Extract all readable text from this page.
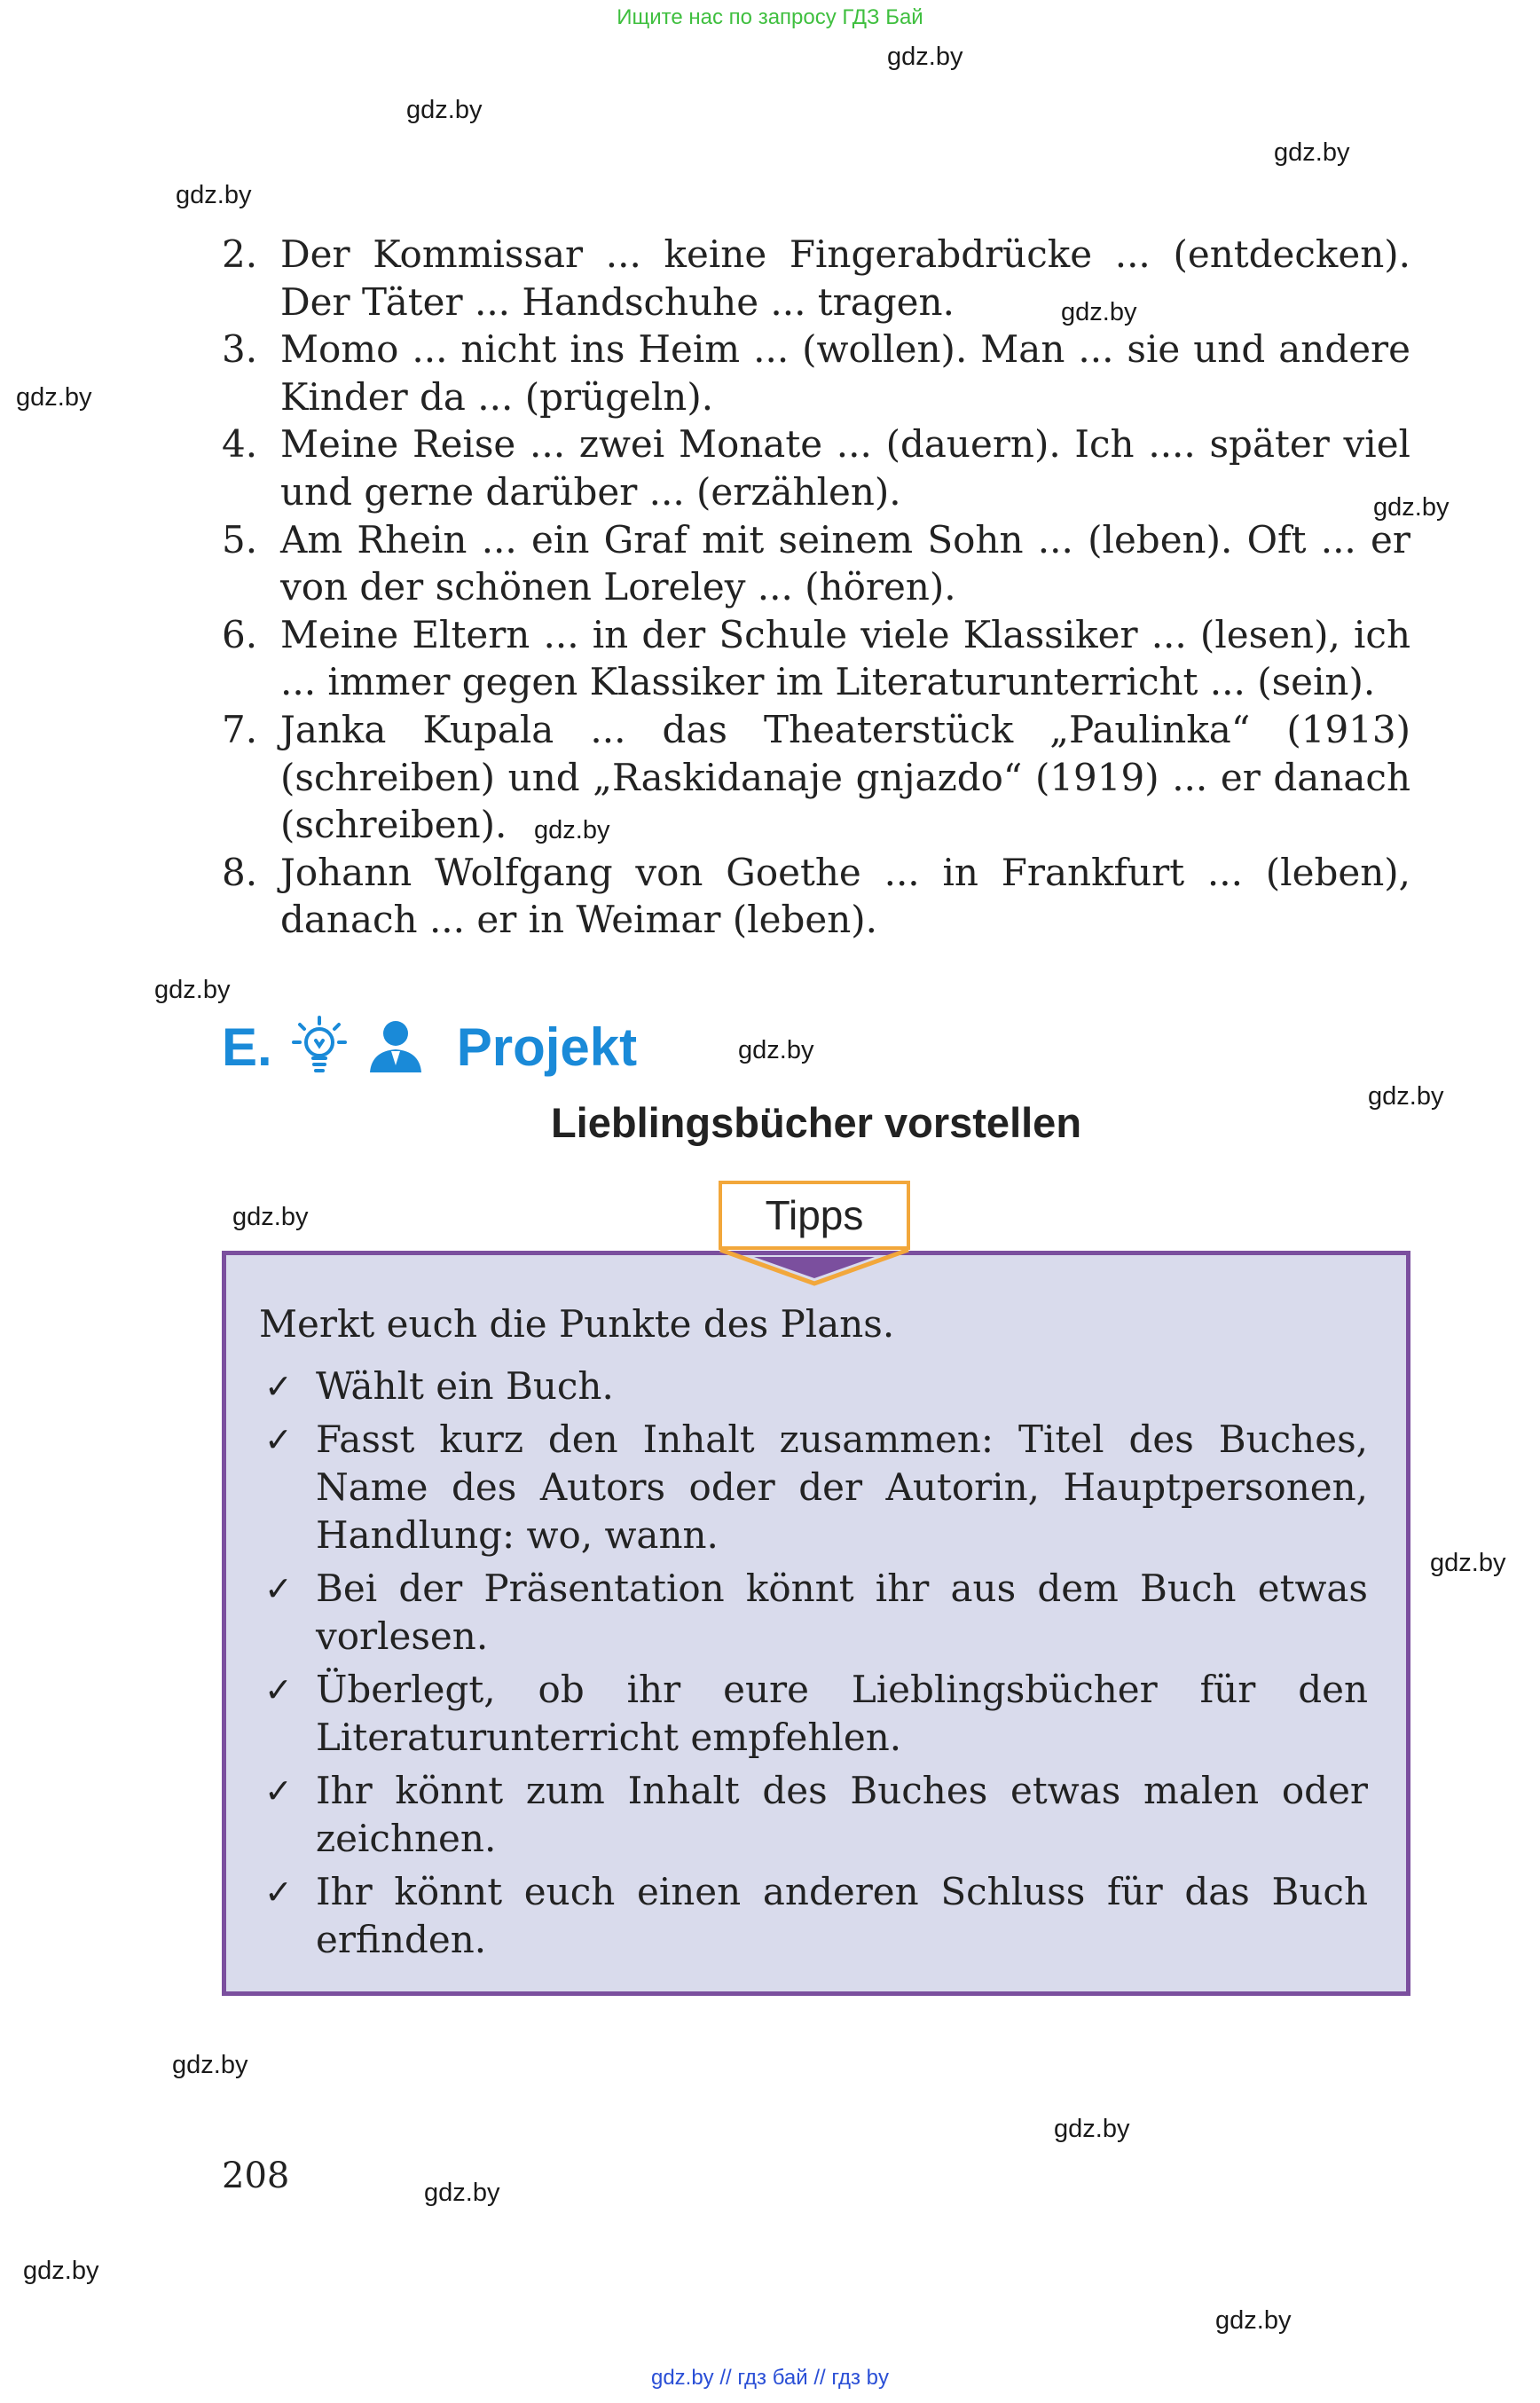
Ищите нас по запросу ГДЗ Бай
gdz.by
gdz.by
gdz.by
gdz.by
gdz.by
gdz.by
gdz.by
gdz.by
gdz.by
gdz.by
gdz.by
gdz.by
gdz.by
gdz.by
gdz.by
gdz.by
gdz.by
gdz.by
2. Der Kommissar ... keine Fingerabdrücke ... (entdecken). Der Täter ... Handschuhe ... tragen.
3. Momo ... nicht ins Heim ... (wollen). Man ... sie und andere Kinder da ... (prügeln).
4. Meine Reise ... zwei Monate ... (dauern). Ich .... später viel und gerne darüber ... (erzählen).
5. Am Rhein ... ein Graf mit seinem Sohn ... (leben). Oft ... er von der schönen Loreley ... (hören).
6. Meine Eltern ... in der Schule viele Klassiker ... (lesen), ich ... immer gegen Klassiker im Literaturunterricht ... (sein).
7. Janka Kupala ... das Theaterstück „Paulinka“ (1913) (schreiben) und „Raskidanaje gnjazdo“ (1919) ... er danach (schreiben).
8. Johann Wolfgang von Goethe ... in Frankfurt ... (leben), danach ... er in Weimar (leben).
E.	Projekt
Lieblingsbücher vorstellen
Tipps
Merkt euch die Punkte des Plans.
✓ Wählt ein Buch.
✓ Fasst kurz den Inhalt zusammen: Titel des Buches, Name des Autors oder der Autorin, Hauptpersonen, Handlung: wo, wann.
✓ Bei der Präsentation könnt ihr aus dem Buch etwas vorlesen.
✓ Überlegt, ob ihr eure Lieblingsbücher für den Literaturunterricht empfehlen.
✓ Ihr könnt zum Inhalt des Buches etwas malen oder zeichnen.
✓ Ihr könnt euch einen anderen Schluss für das Buch erfinden.
208
gdz.by // гдз бай // гдз by
